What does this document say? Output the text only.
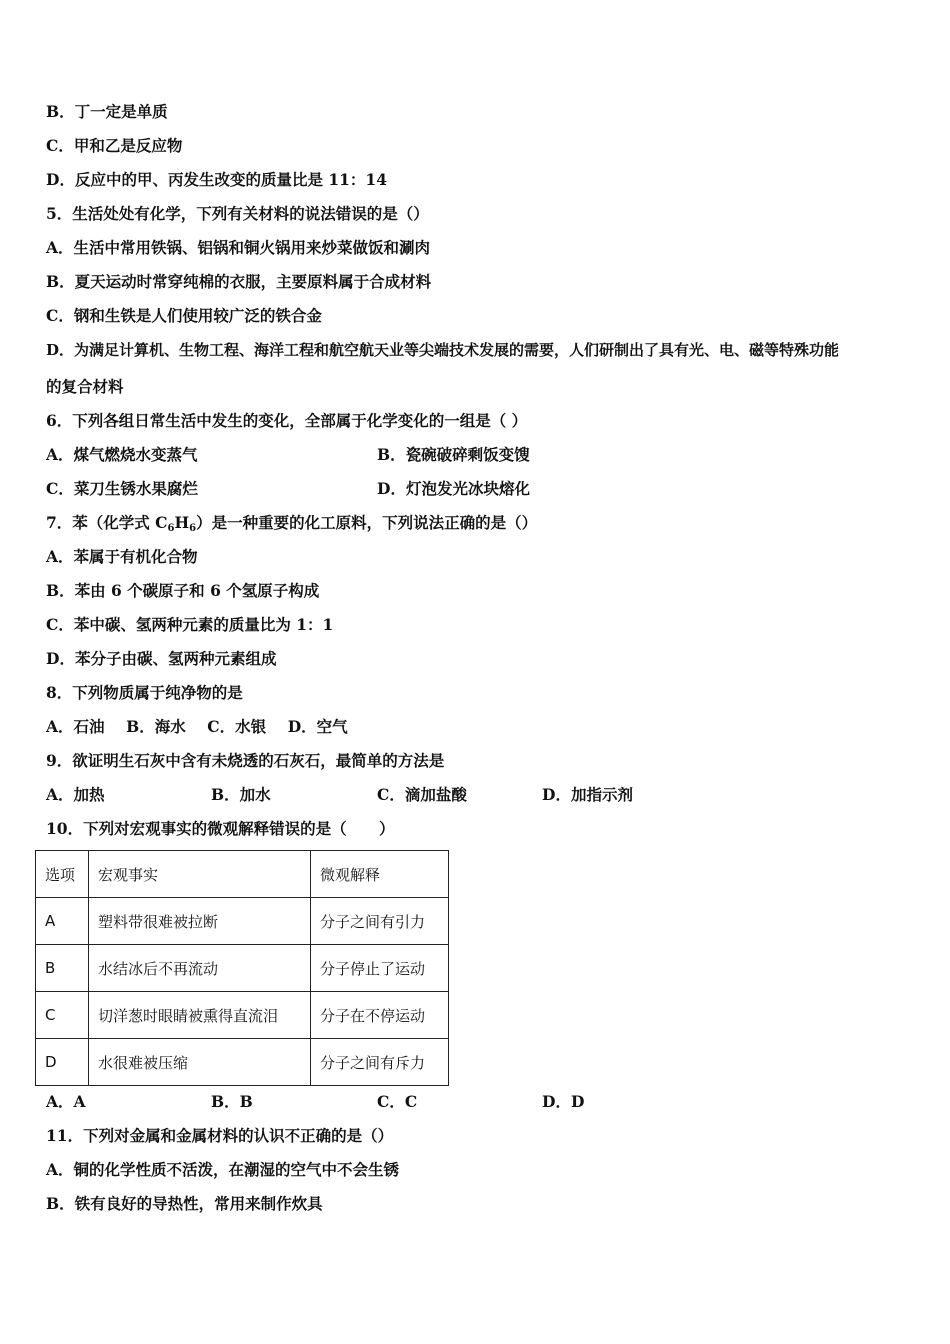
B．丁一定是单质
C．甲和乙是反应物
D．反应中的甲、丙发生改变的质量比是 11：14
5．生活处处有化学，下列有关材料的说法错误的是（）
A．生活中常用铁锅、铝锅和铜火锅用来炒菜做饭和涮肉
B．夏天运动时常穿纯棉的衣服，主要原料属于合成材料
C．钢和生铁是人们使用较广泛的铁合金
D．为满足计算机、生物工程、海洋工程和航空航天业等尖端技术发展的需要，人们研制出了具有光、电、磁等特殊功能
的复合材料
6．下列各组日常生活中发生的变化，全部属于化学变化的一组是（ ）
A．煤气燃烧水变蒸气	B．瓷碗破碎剩饭变馊
C．菜刀生锈水果腐烂	D．灯泡发光冰块熔化
7．苯（化学式 $C_6H_6$）是一种重要的化工原料，下列说法正确的是（）
A．苯属于有机化合物
B．苯由 6 个碳原子和 6 个氢原子构成
C．苯中碳、氢两种元素的质量比为 1：1
D．苯分子由碳、氢两种元素组成
8．下列物质属于纯净物的是
A．石油    B．海水    C．水银    D．空气
9．欲证明生石灰中含有未烧透的石灰石，最简单的方法是
A．加热	B．加水	C．滴加盐酸	D．加指示剂
10．下列对宏观事实的微观解释错误的是（      ）
选项	宏观事实	微观解释
A	塑料带很难被拉断	分子之间有引力
B	水结冰后不再流动	分子停止了运动
C	切洋葱时眼睛被熏得直流泪	分子在不停运动
D	水很难被压缩	分子之间有斥力
A．A	B．B	C．C	D．D
11．下列对金属和金属材料的认识不正确的是（）
A．铜的化学性质不活泼，在潮湿的空气中不会生锈
B．铁有良好的导热性，常用来制作炊具
